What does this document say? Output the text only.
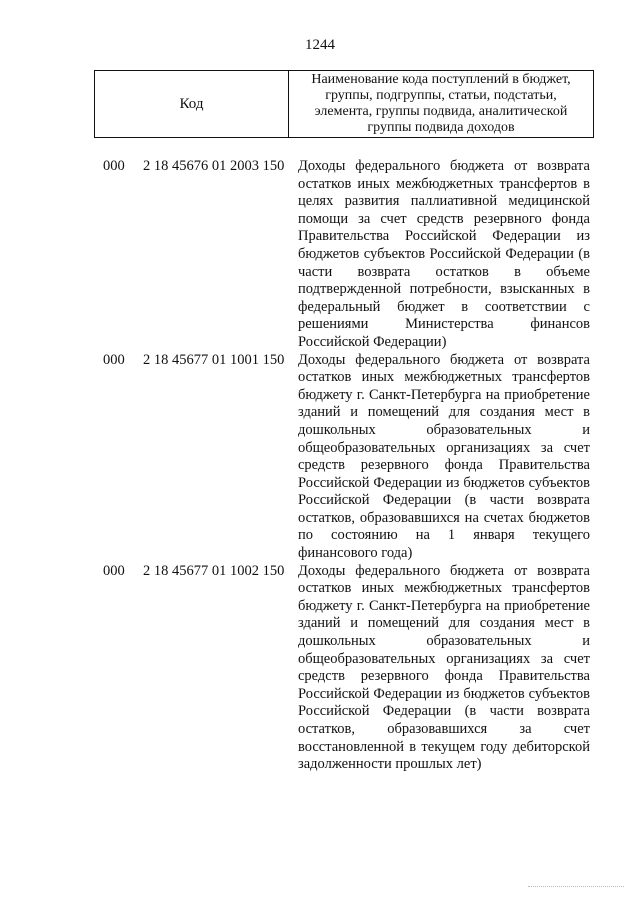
1244
Код
Наименование кода поступлений в бюджет, группы, подгруппы, статьи, подстатьи, элемента, группы подвида, аналитической группы подвида доходов
000 2 18 45676 01 2003 150 Доходы федерального бюджета от возврата остатков иных межбюджетных трансфертов в целях развития паллиативной медицинской помощи за счет средств резервного фонда Правительства Российской Федерации из бюджетов субъектов Российской Федерации (в части возврата остатков в объеме подтвержденной потребности, взысканных в федеральный бюджет в соответствии с решениями Министерства финансов Российской Федерации)
000 2 18 45677 01 1001 150 Доходы федерального бюджета от возврата остатков иных межбюджетных трансфертов бюджету г. Санкт-Петербурга на приобретение зданий и помещений для создания мест в дошкольных образовательных и общеобразовательных организациях за счет средств резервного фонда Правительства Российской Федерации из бюджетов субъектов Российской Федерации (в части возврата остатков, образовавшихся на счетах бюджетов по состоянию на 1 января текущего финансового года)
000 2 18 45677 01 1002 150 Доходы федерального бюджета от возврата остатков иных межбюджетных трансфертов бюджету г. Санкт-Петербурга на приобретение зданий и помещений для создания мест в дошкольных образовательных и общеобразовательных организациях за счет средств резервного фонда Правительства Российской Федерации из бюджетов субъектов Российской Федерации (в части возврата остатков, образовавшихся за счет восстановленной в текущем году дебиторской задолженности прошлых лет)
